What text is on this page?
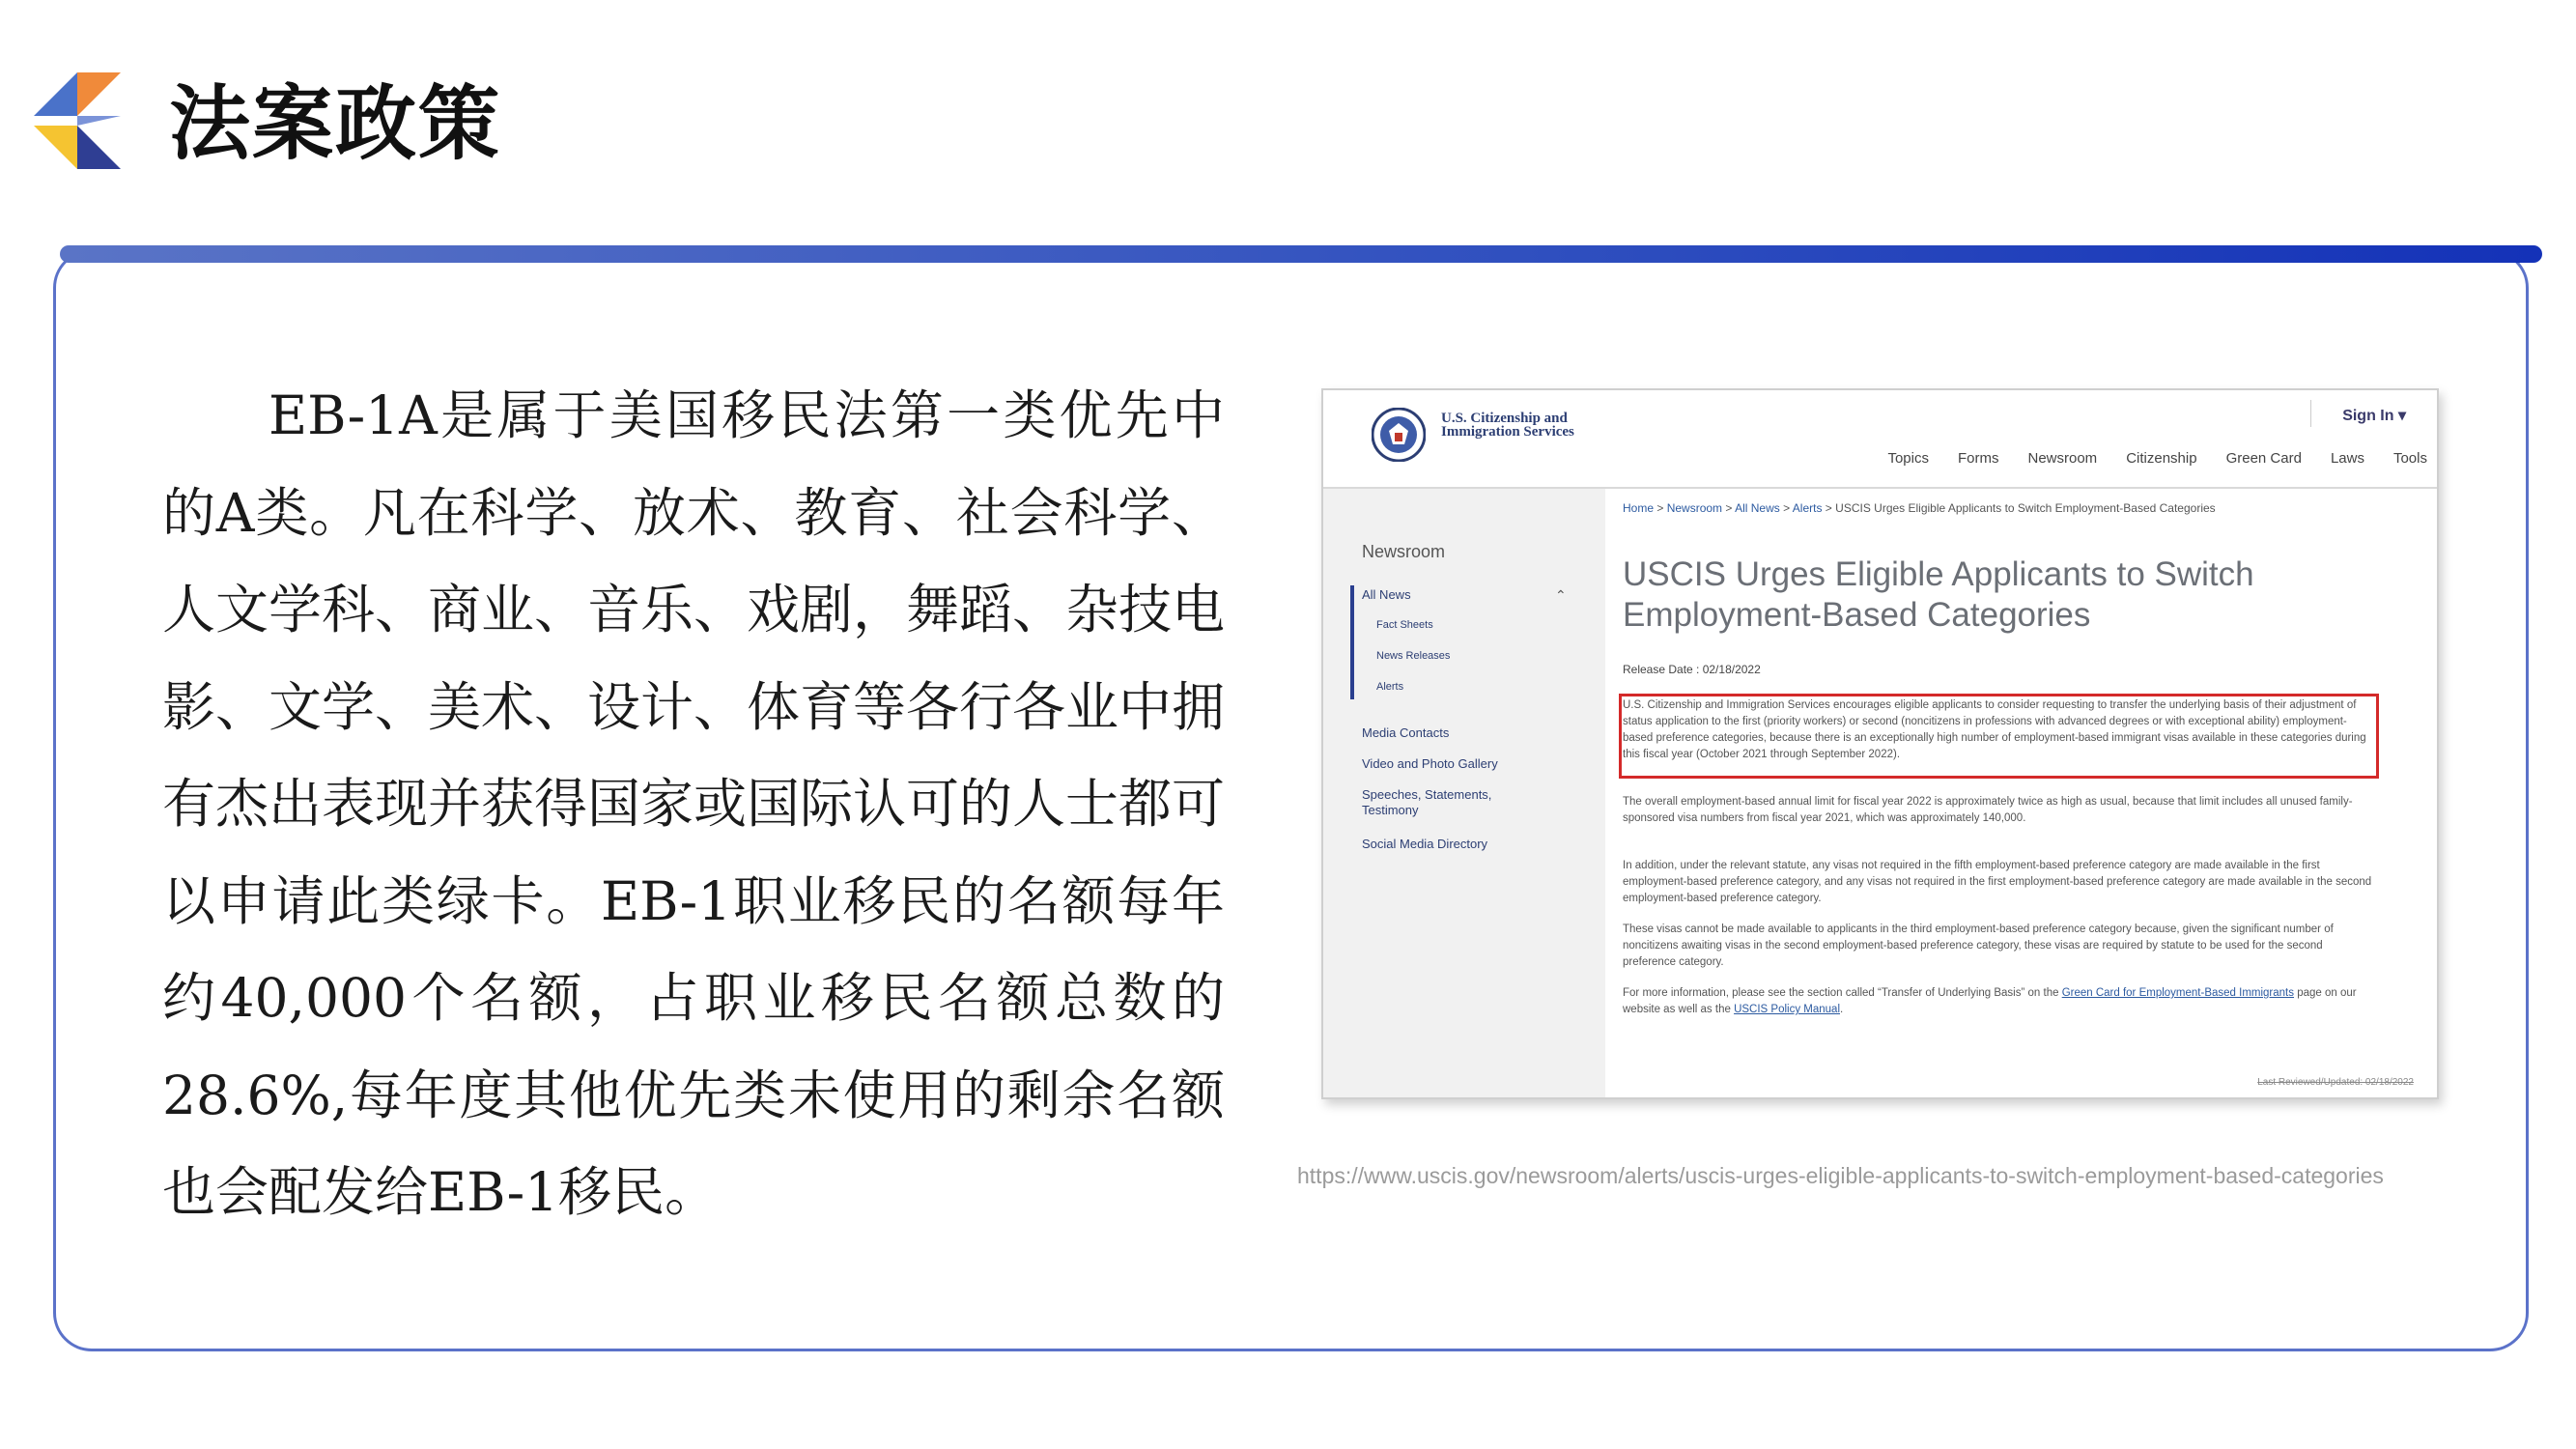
法案政策
EB-1A是属于美国移民法第一类优先中的A类。凡在科学、放术、教育、社会科学、人文学科、商业、音乐、戏剧，舞蹈、杂技电影、文学、美术、设计、体育等各行各业中拥有杰出表现并获得国家或国际认可的人士都可以申请此类绿卡。EB-1职业移民的名额每年约40,000个名额，占职业移民名额总数的28.6%,每年度其他优先类未使用的剩余名额也会配发给EB-1移民。
U.S. Citizenship and Immigration Services
Sign In ▾
Topics Forms Newsroom Citizenship Green Card Laws Tools
Newsroom
All News	⌃
Fact Sheets
News Releases
Alerts
Media Contacts
Video and Photo Gallery
Speeches, Statements, Testimony
Social Media Directory
Home > Newsroom > All News > Alerts > USCIS Urges Eligible Applicants to Switch Employment-Based Categories
USCIS Urges Eligible Applicants to Switch Employment-Based Categories
Release Date : 02/18/2022
U.S. Citizenship and Immigration Services encourages eligible applicants to consider requesting to transfer the underlying basis of their adjustment of status application to the first (priority workers) or second (noncitizens in professions with advanced degrees or with exceptional ability) employment-based preference categories, because there is an exceptionally high number of employment-based immigrant visas available in these categories during this fiscal year (October 2021 through September 2022).
The overall employment-based annual limit for fiscal year 2022 is approximately twice as high as usual, because that limit includes all unused family-sponsored visa numbers from fiscal year 2021, which was approximately 140,000.
In addition, under the relevant statute, any visas not required in the fifth employment-based preference category are made available in the first employment-based preference category, and any visas not required in the first employment-based preference category are made available in the second employment-based preference category.
These visas cannot be made available to applicants in the third employment-based preference category because, given the significant number of noncitizens awaiting visas in the second employment-based preference category, these visas are required by statute to be used for the second preference category.
For more information, please see the section called “Transfer of Underlying Basis” on the Green Card for Employment-Based Immigrants page on our website as well as the USCIS Policy Manual.
Last Reviewed/Updated: 02/18/2022
https://www.uscis.gov/newsroom/alerts/uscis-urges-eligible-applicants-to-switch-employment-based-categories
